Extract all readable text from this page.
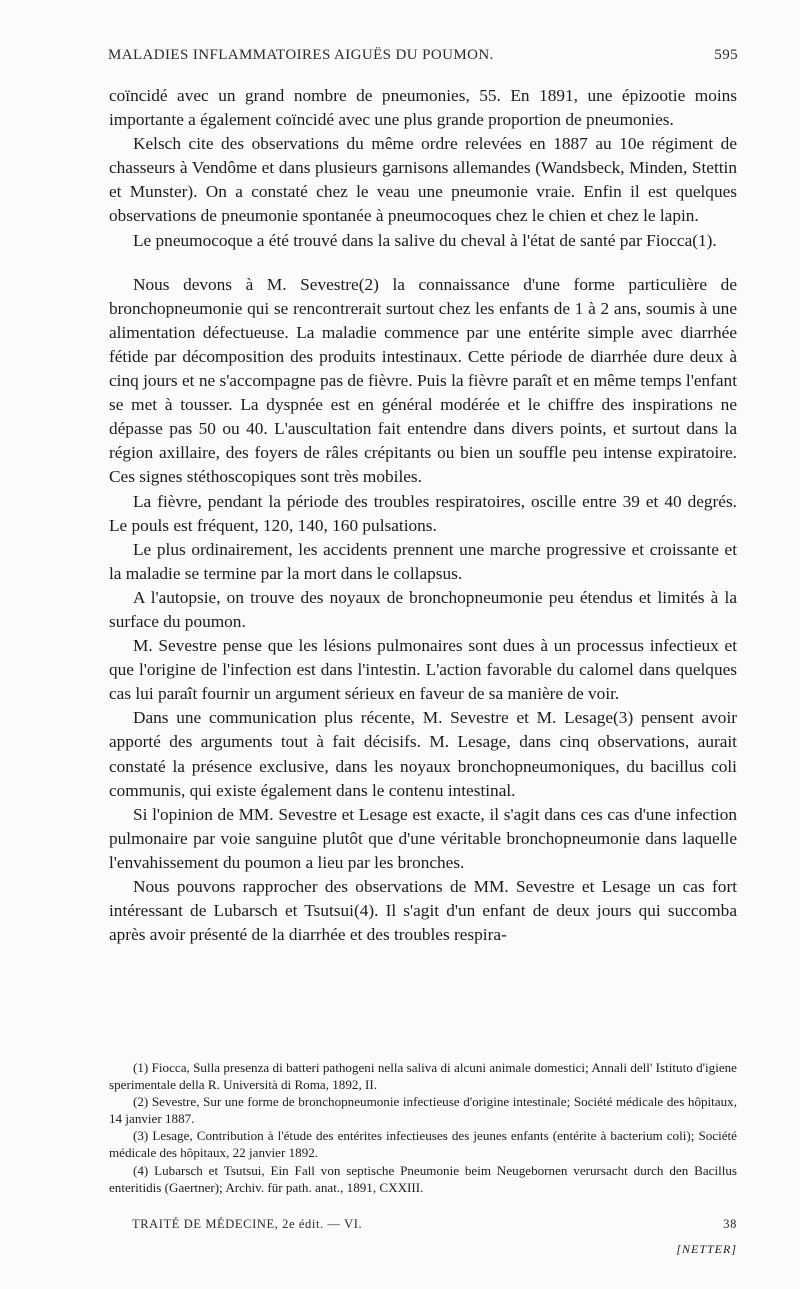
MALADIES INFLAMMATOIRES AIGUËS DU POUMON.	595

coïncidé avec un grand nombre de pneumonies, 55. En 1891, une épizootie moins importante a également coïncidé avec une plus grande proportion de pneumonies.

Kelsch cite des observations du même ordre relevées en 1887 au 10e régiment de chasseurs à Vendôme et dans plusieurs garnisons allemandes (Wandsbeck, Minden, Stettin et Munster). On a constaté chez le veau une pneumonie vraie. Enfin il est quelques observations de pneumonie spontanée à pneumocoques chez le chien et chez le lapin.

Le pneumocoque a été trouvé dans la salive du cheval à l'état de santé par Fiocca(1).

Nous devons à M. Sevestre(2) la connaissance d'une forme particulière de bronchopneumonie qui se rencontrerait surtout chez les enfants de 1 à 2 ans, soumis à une alimentation défectueuse. La maladie commence par une entérite simple avec diarrhée fétide par décomposition des produits intestinaux. Cette période de diarrhée dure deux à cinq jours et ne s'accompagne pas de fièvre. Puis la fièvre paraît et en même temps l'enfant se met à tousser. La dyspnée est en général modérée et le chiffre des inspirations ne dépasse pas 50 ou 40. L'auscultation fait entendre dans divers points, et surtout dans la région axillaire, des foyers de râles crépitants ou bien un souffle peu intense expiratoire. Ces signes stéthoscopiques sont très mobiles.

La fièvre, pendant la période des troubles respiratoires, oscille entre 39 et 40 degrés. Le pouls est fréquent, 120, 140, 160 pulsations.

Le plus ordinairement, les accidents prennent une marche progressive et croissante et la maladie se termine par la mort dans le collapsus.

A l'autopsie, on trouve des noyaux de bronchopneumonie peu étendus et limités à la surface du poumon.

M. Sevestre pense que les lésions pulmonaires sont dues à un processus infectieux et que l'origine de l'infection est dans l'intestin. L'action favorable du calomel dans quelques cas lui paraît fournir un argument sérieux en faveur de sa manière de voir.

Dans une communication plus récente, M. Sevestre et M. Lesage(3) pensent avoir apporté des arguments tout à fait décisifs. M. Lesage, dans cinq observations, aurait constaté la présence exclusive, dans les noyaux bronchopneumoniques, du bacillus coli communis, qui existe également dans le contenu intestinal.

Si l'opinion de MM. Sevestre et Lesage est exacte, il s'agit dans ces cas d'une infection pulmonaire par voie sanguine plutôt que d'une véritable bronchopneumonie dans laquelle l'envahissement du poumon a lieu par les bronches.

Nous pouvons rapprocher des observations de MM. Sevestre et Lesage un cas fort intéressant de Lubarsch et Tsutsui(4). Il s'agit d'un enfant de deux jours qui succomba après avoir présenté de la diarrhée et des troubles respira-

(1) Fiocca, Sulla presenza di batteri pathogeni nella saliva di alcuni animale domestici; Annali dell' Istituto d'igiene sperimentale della R. Università di Roma, 1892, II.

(2) Sevestre, Sur une forme de bronchopneumonie infectieuse d'origine intestinale; Société médicale des hôpitaux, 14 janvier 1887.

(3) Lesage, Contribution à l'étude des entérites infectieuses des jeunes enfants (entérite à bacterium coli); Société médicale des hôpitaux, 22 janvier 1892.

(4) Lubarsch et Tsutsui, Ein Fall von septische Pneumonie beim Neugebornen verursacht durch den Bacillus enteritidis (Gaertner); Archiv. für path. anat., 1891, CXXIII.

TRAITÉ DE MÉDECINE, 2e édit. — VI.	38
[NETTER]
